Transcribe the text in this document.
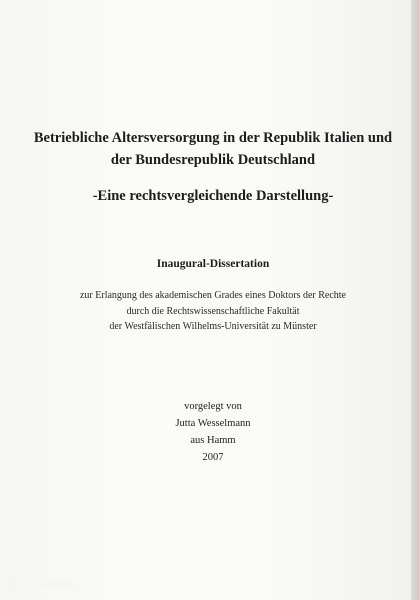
Betriebliche Altersversorgung in der Republik Italien und
der Bundesrepublik Deutschland
-Eine rechtsvergleichende Darstellung-
Inaugural-Dissertation
zur Erlangung des akademischen Grades eines Doktors der Rechte
durch die Rechtswissenschaftliche Fakultät
der Westfälischen Wilhelms-Universität zu Münster
vorgelegt von
Jutta Wesselmann
aus Hamm
2007
Janus Buchshop
